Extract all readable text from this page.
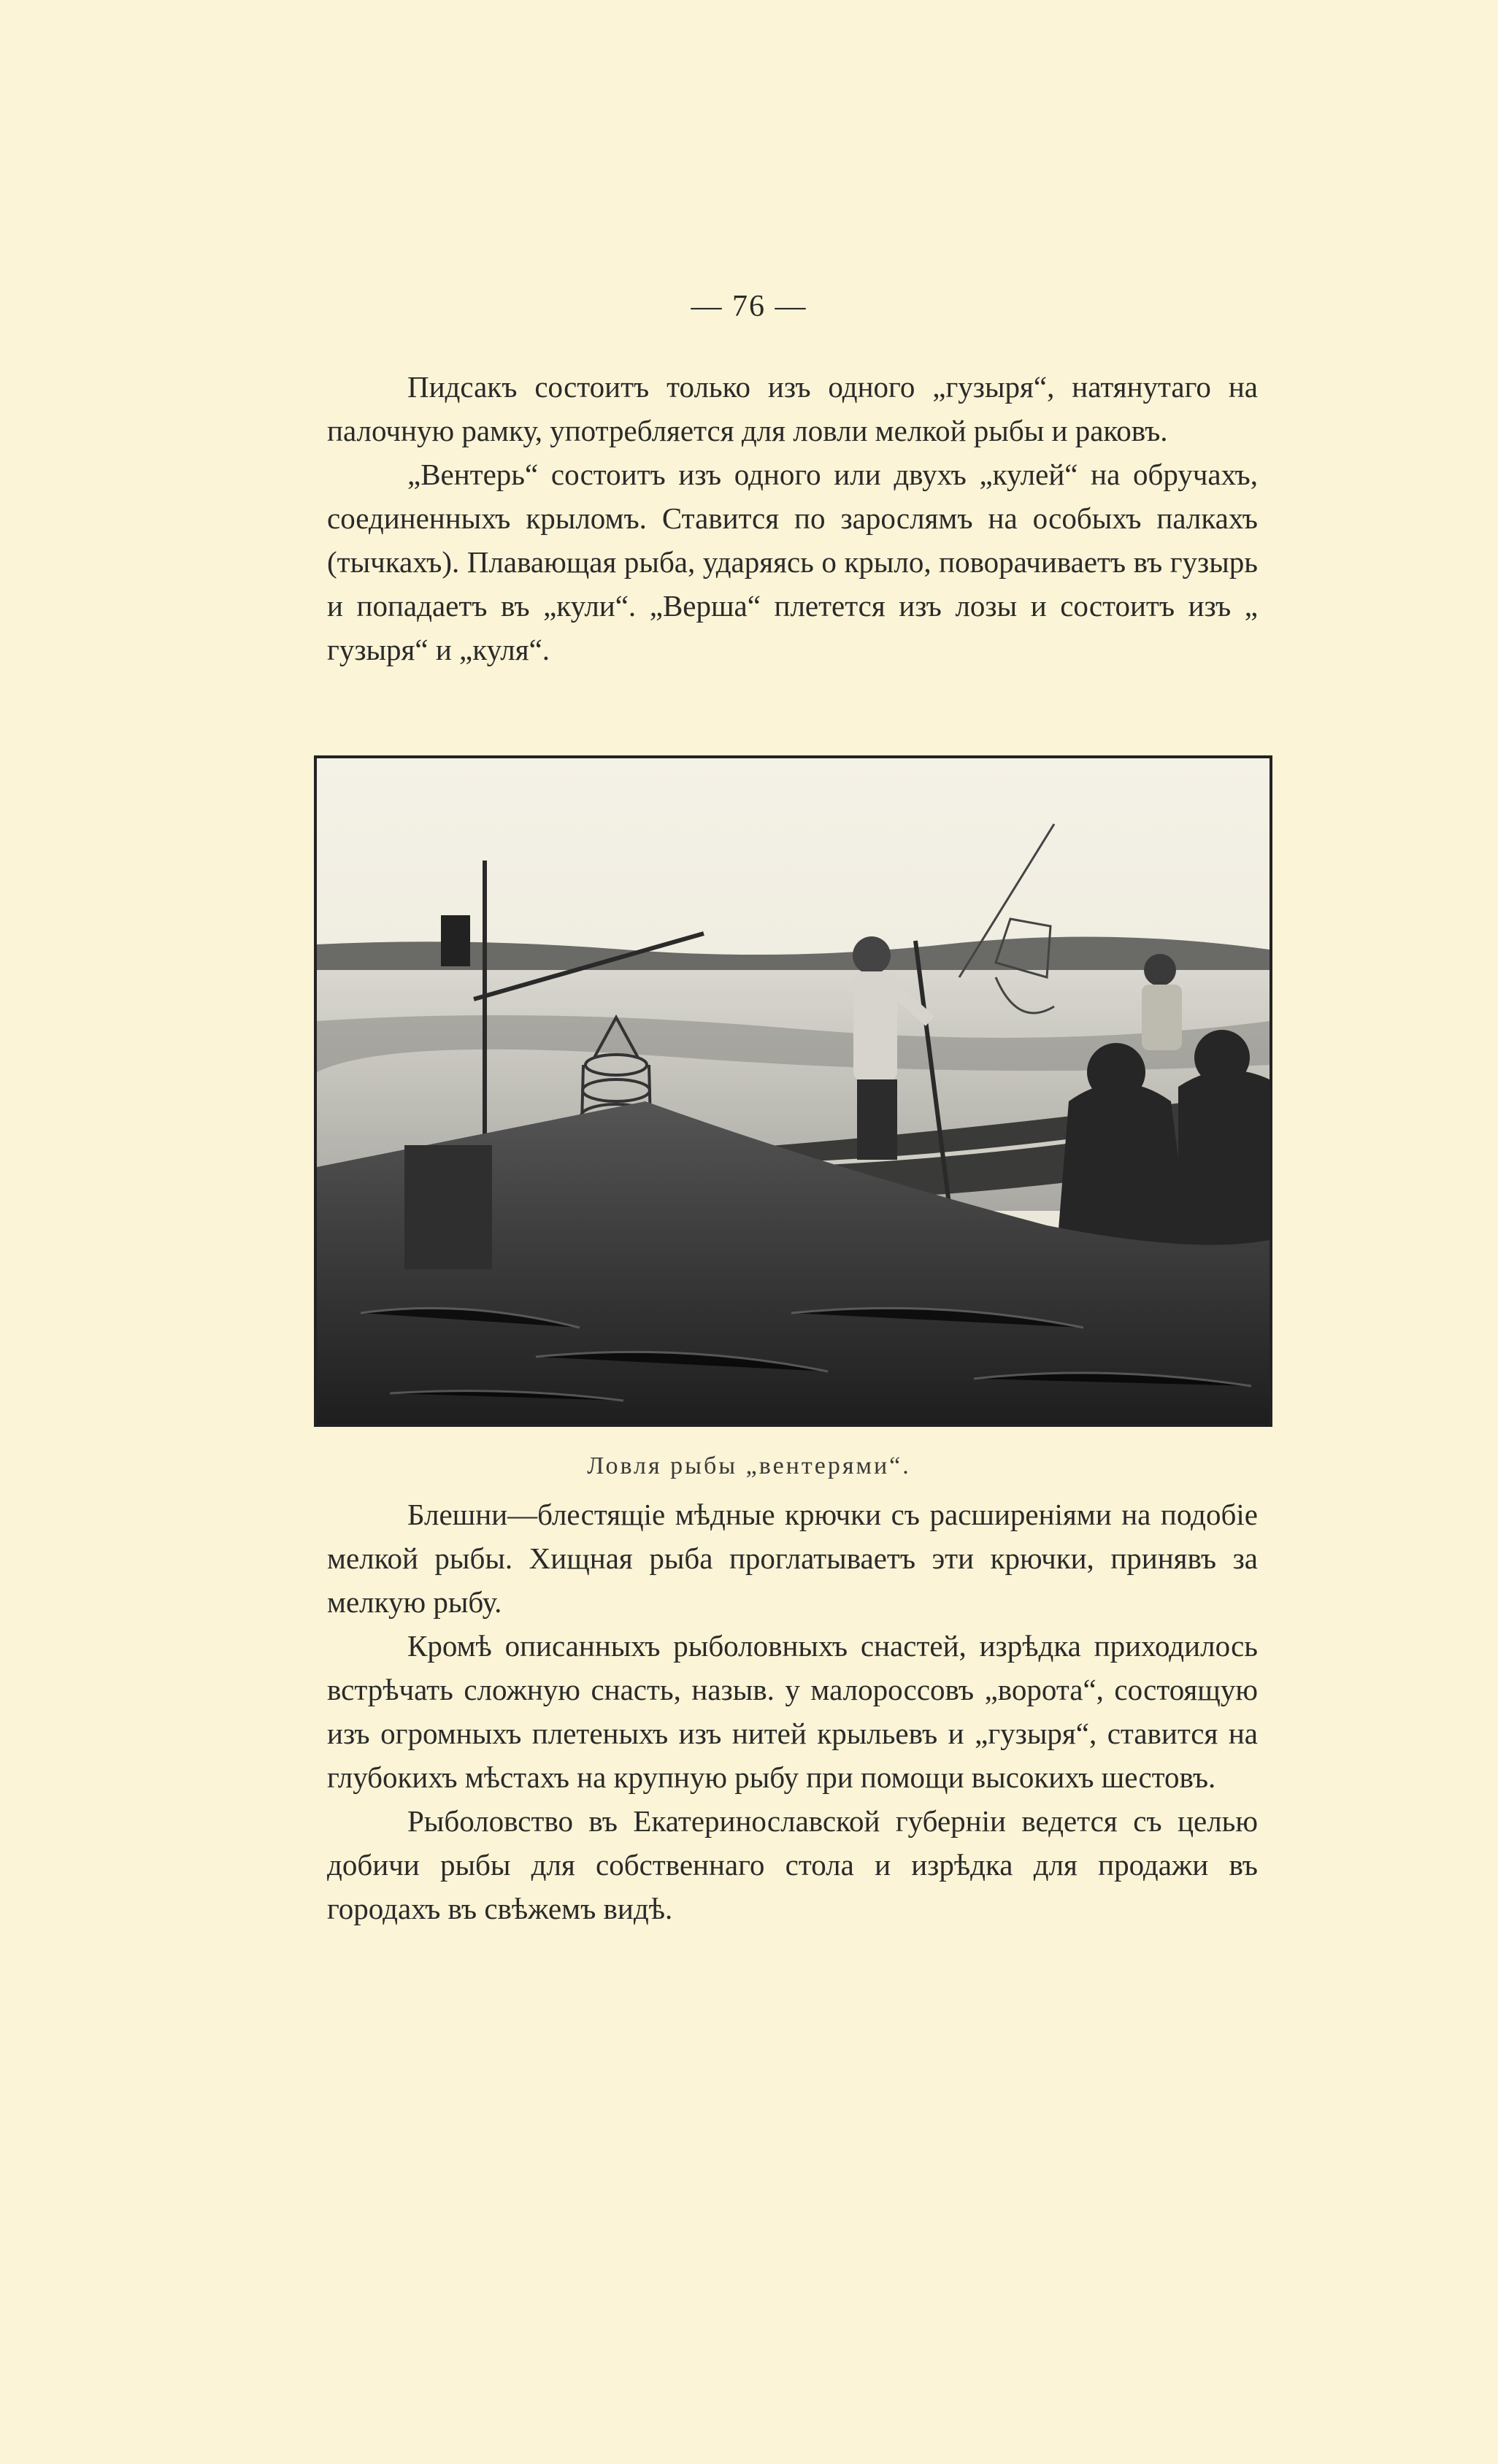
— 76 —

Пидсакъ состоитъ только изъ одного „гузыря“, натянутаго на палочную рамку, употребляется для ловли мелкой рыбы и раковъ.

„Вентерь“ состоитъ изъ одного или двухъ „кулей“ на обручахъ, соединенныхъ крыломъ. Ставится по зарослямъ на особыхъ палкахъ (тычкахъ). Плавающая рыба, ударяясь о крыло, поворачиваетъ въ гузырь и попадаетъ въ „кули“. „Верша“ плетется изъ лозы и состоитъ изъ „ гузыря“ и „куля“.

Ловля рыбы „вентерями“.

Блешни—блестящіе мѣдные крючки съ расширеніями на подобіе мелкой рыбы. Хищная рыба проглатываетъ эти крючки, принявъ за мелкую рыбу.

Кромѣ описанныхъ рыболовныхъ снастей, изрѣдка приходилось встрѣчать сложную снасть, назыв. у малороссовъ „ворота“, состоящую изъ огромныхъ плетеныхъ изъ нитей крыльевъ и „гузыря“, ставится на глубокихъ мѣстахъ на крупную рыбу при помощи высокихъ шестовъ.

Рыболовство въ Екатеринославской губерніи ведется съ целью добичи рыбы для собственнаго стола и изрѣдка для продажи въ городахъ въ свѣжемъ видѣ.
